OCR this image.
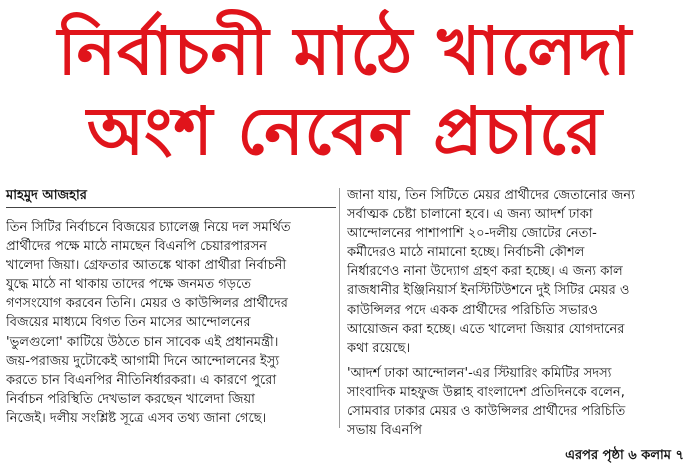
নির্বাচনী মাঠে খালেদা
অংশ নেবেন প্রচারে
মাহমুদ আজহার
তিন সিটির নির্বাচনে বিজয়ের চ্যালেঞ্জ নিয়ে দল সমর্থিত
প্রার্থীদের পক্ষে মাঠে নামছেন বিএনপি চেয়ারপারসন
খালেদা জিয়া। গ্রেফতার আতঙ্কে থাকা প্রার্থীরা নির্বাচনী
যুদ্ধে মাঠে না থাকায় তাদের পক্ষে জনমত গড়তে
গণসংযোগ করবেন তিনি। মেয়র ও কাউন্সিলর প্রার্থীদের
বিজয়ের মাধ্যমে বিগত তিন মাসের আন্দোলনের
'ভুলগুলো' কাটিয়ে উঠতে চান সাবেক এই প্রধানমন্ত্রী।
জয়-পরাজয় দুটোকেই আগামী দিনে আন্দোলনের ইস্যু
করতে চান বিএনপির নীতিনির্ধারকরা। এ কারণে পুরো
নির্বাচন পরিস্থিতি দেখভাল করছেন খালেদা জিয়া
নিজেই। দলীয় সংশ্লিষ্ট সূত্রে এসব তথ্য জানা গেছে।
জানা যায়, তিন সিটিতে মেয়র প্রার্থীদের জেতানোর জন্য
সর্বাত্মক চেষ্টা চালানো হবে। এ জন্য আদর্শ ঢাকা
আন্দোলনের পাশাপাশি ২০-দলীয় জোটের নেতা-
কর্মীদেরও মাঠে নামানো হচ্ছে। নির্বাচনী কৌশল
নির্ধারণেও নানা উদ্যোগ গ্রহণ করা হচ্ছে। এ জন্য কাল
রাজধানীর ইঞ্জিনিয়ার্স ইনস্টিটিউশনে দুই সিটির মেয়র ও
কাউন্সিলর পদে একক প্রার্থীদের পরিচিতি সভারও
আয়োজন করা হচ্ছে। এতে খালেদা জিয়ার যোগদানের
কথা রয়েছে।
'আদর্শ ঢাকা আন্দোলন'-এর স্টিয়ারিং কমিটির সদস্য
সাংবাদিক মাহফুজ উল্লাহ বাংলাদেশ প্রতিদিনকে বলেন,
সোমবার ঢাকার মেয়র ও কাউন্সিলর প্রার্থীদের পরিচিতি
সভায় বিএনপি
এরপর পৃষ্ঠা ৬ কলাম ৭
